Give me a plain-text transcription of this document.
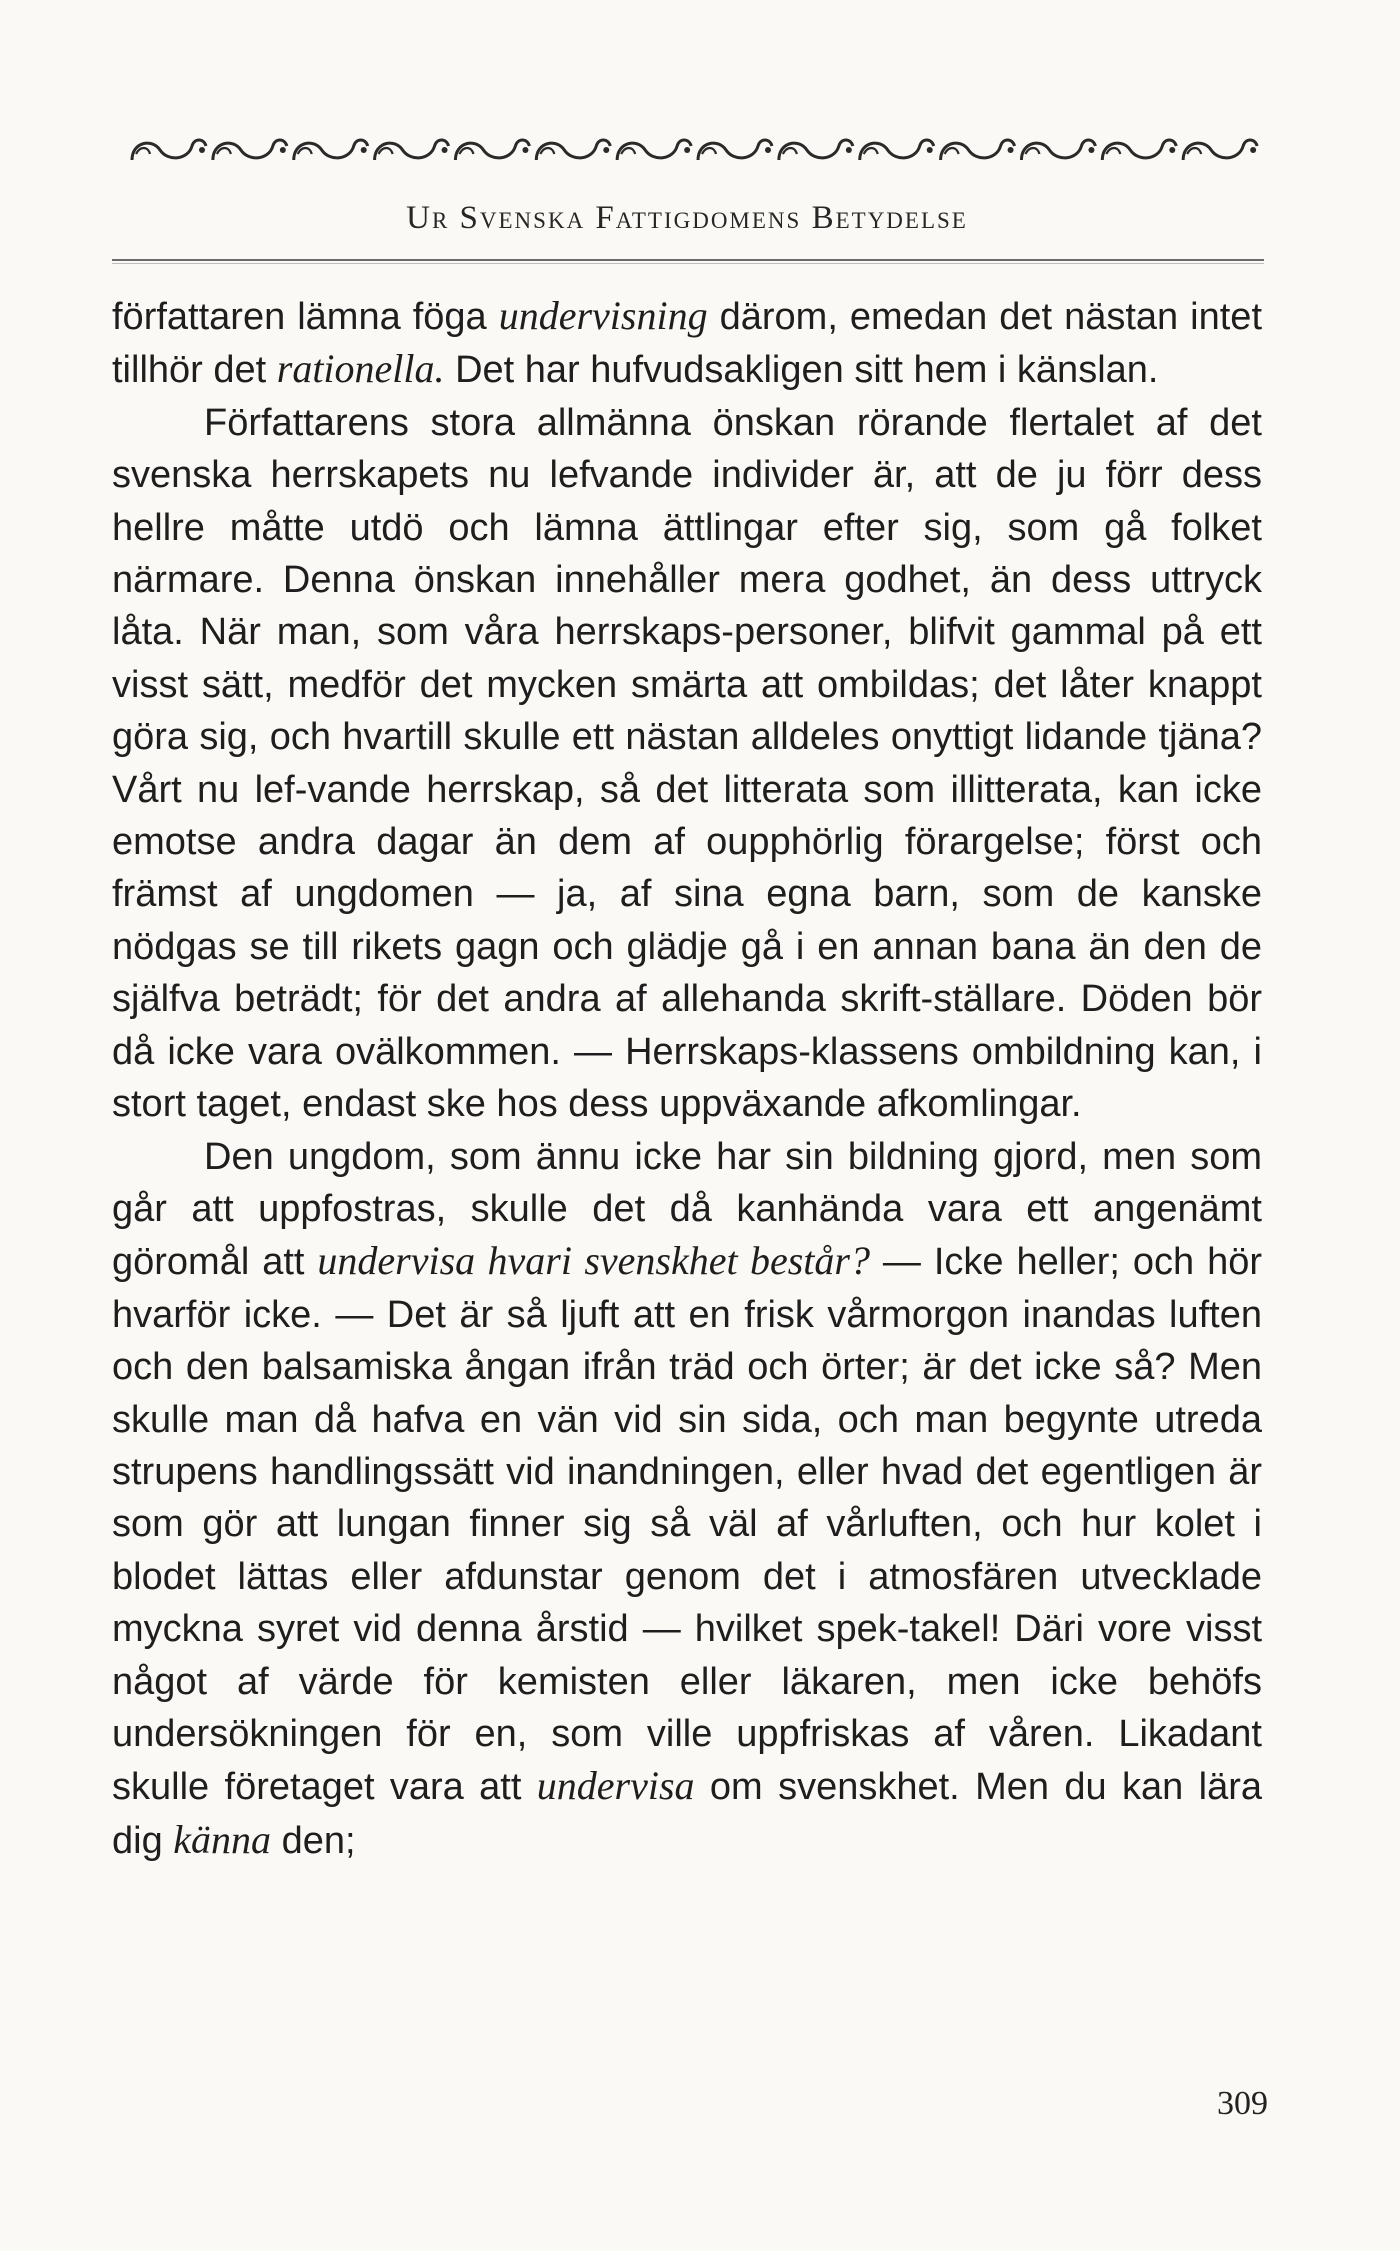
Ur Svenska Fattigdomens Betydelse

författaren lämna föga undervisning därom, emedan det nästan intet tillhör det rationella. Det har hufvudsakligen sitt hem i känslan.

Författarens stora allmänna önskan rörande flertalet af det svenska herrskapets nu lefvande individer är, att de ju förr dess hellre måtte utdö och lämna ättlingar efter sig, som gå folket närmare. Denna önskan innehåller mera godhet, än dess uttryck låta. När man, som våra herrskaps-personer, blifvit gammal på ett visst sätt, medför det mycken smärta att ombildas; det låter knappt göra sig, och hvartill skulle ett nästan alldeles onyttigt lidande tjäna? Vårt nu lef-vande herrskap, så det litterata som illitterata, kan icke emotse andra dagar än dem af oupphörlig förargelse; först och främst af ungdomen — ja, af sina egna barn, som de kanske nödgas se till rikets gagn och glädje gå i en annan bana än den de själfva beträdt; för det andra af allehanda skrift-ställare. Döden bör då icke vara ovälkommen. — Herrskaps-klassens ombildning kan, i stort taget, endast ske hos dess uppväxande afkomlingar.

Den ungdom, som ännu icke har sin bildning gjord, men som går att uppfostras, skulle det då kanhända vara ett angenämt göromål att undervisa hvari svenskhet består? — Icke heller; och hör hvarför icke. — Det är så ljuft att en frisk vårmorgon inandas luften och den balsamiska ångan ifrån träd och örter; är det icke så? Men skulle man då hafva en vän vid sin sida, och man begynte utreda strupens handlingssätt vid inandningen, eller hvad det egentligen är som gör att lungan finner sig så väl af vårluften, och hur kolet i blodet lättas eller afdunstar genom det i atmosfären utvecklade myckna syret vid denna årstid — hvilket spek-takel! Däri vore visst något af värde för kemisten eller läkaren, men icke behöfs undersökningen för en, som ville uppfriskas af våren. Likadant skulle företaget vara att undervisa om svenskhet. Men du kan lära dig känna den;

309
